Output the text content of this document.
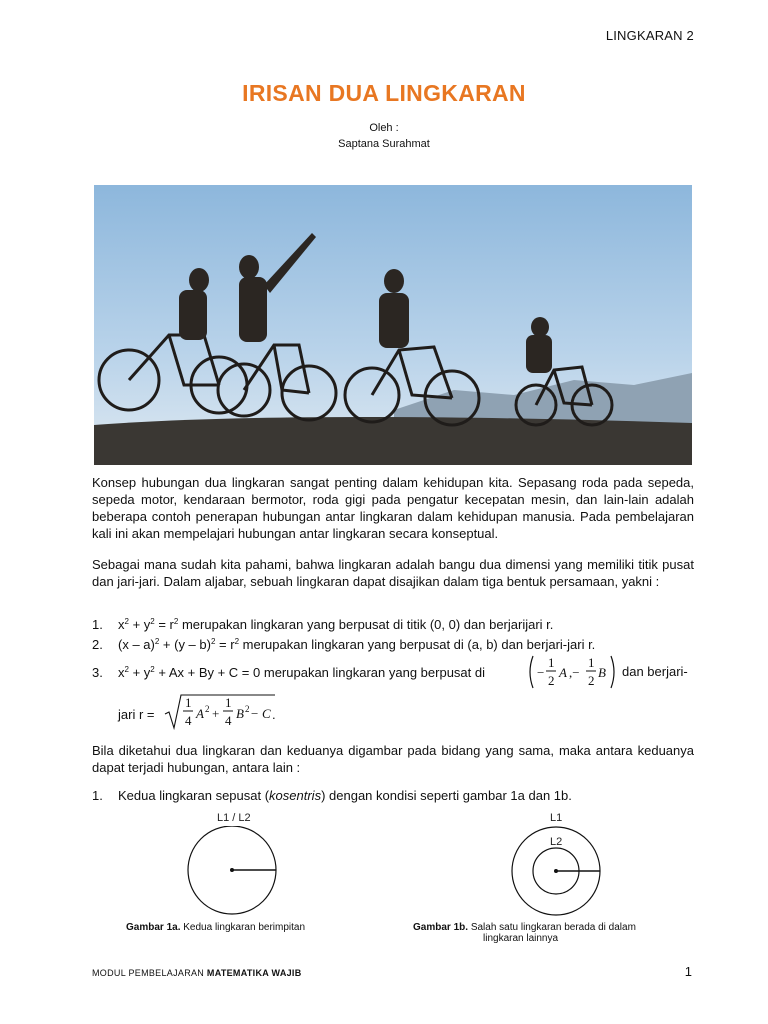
LINGKARAN 2
IRISAN DUA LINGKARAN
Oleh :
Saptana Surahmat
Konsep hubungan dua lingkaran sangat penting dalam kehidupan kita. Sepasang roda pada sepeda, sepeda motor, kendaraan bermotor, roda gigi pada pengatur kecepatan mesin, dan lain-lain adalah beberapa contoh penerapan hubungan antar lingkaran dalam kehidupan manusia. Pada pembelajaran kali ini akan mempelajari hubungan antar lingkaran secara konseptual.
Sebagai mana sudah kita pahami, bahwa lingkaran adalah bangu dua dimensi yang memiliki titik pusat dan jari-jari. Dalam aljabar, sebuah lingkaran dapat disajikan dalam tiga bentuk persamaan, yakni :
1. $x^2 + y^2 = r^2$ merupakan lingkaran yang berpusat di titik (0, 0) dan berjarijari r.
2. $(x - a)^2 + (y - b)^2 = r^2$ merupakan lingkaran yang berpusat di (a, b) dan berjari-jari r.
3. $x^2 + y^2 + Ax + By + C = 0$ merupakan lingkaran yang berpusat di	−
1
2
A ,−
1
2
B dan berjari-
jari r =
1
4 A 2 +
1
4 B 2 − C .
Bila diketahui dua lingkaran dan keduanya digambar pada bidang yang sama, maka antara keduanya dapat terjadi hubungan, antara lain :
1. Kedua lingkaran sepusat (kosentris) dengan kondisi seperti gambar 1a dan 1b.
L1 / L2
Gambar 1a. Kedua lingkaran berimpitan
L1
L2
Gambar 1b. Salah satu lingkaran berada di dalam
lingkaran lainnya
MODUL PEMBELAJARAN MATEMATIKA WAJIB	1
